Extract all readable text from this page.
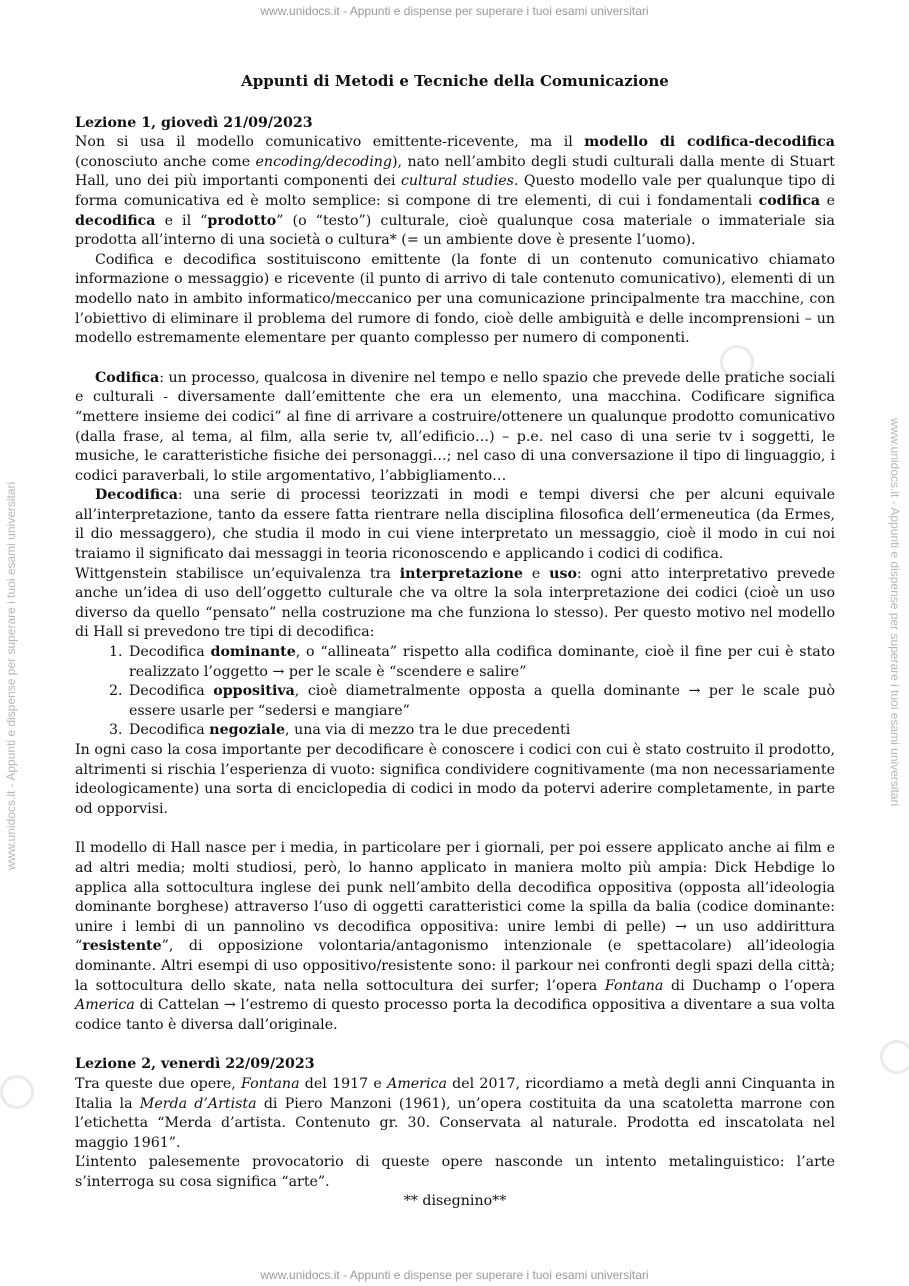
www.unidocs.it - Appunti e dispense per superare i tuoi esami universitari
www.unidocs.it - Appunti e dispense per superare i tuoi esami universitari	www.unidocs.it - Appunti e dispense per superare i tuoi esami universitari
Appunti di Metodi e Tecniche della Comunicazione

Lezione 1, giovedì 21/09/2023

Non si usa il modello comunicativo emittente-ricevente, ma il modello di codifica-decodifica (conosciuto anche come encoding/decoding), nato nell’ambito degli studi culturali dalla mente di Stuart Hall, uno dei più importanti componenti dei cultural studies. Questo modello vale per qualunque tipo di forma comunicativa ed è molto semplice: si compone di tre elementi, di cui i fondamentali codifica e decodifica e il “prodotto” (o “testo”) culturale, cioè qualunque cosa materiale o immateriale sia prodotta all’interno di una società o cultura* (= un ambiente dove è presente l’uomo).

Codifica e decodifica sostituiscono emittente (la fonte di un contenuto comunicativo chiamato informazione o messaggio) e ricevente (il punto di arrivo di tale contenuto comunicativo), elementi di un modello nato in ambito informatico/meccanico per una comunicazione principalmente tra macchine, con l’obiettivo di eliminare il problema del rumore di fondo, cioè delle ambiguità e delle incomprensioni – un modello estremamente elementare per quanto complesso per numero di componenti.

Codifica: un processo, qualcosa in divenire nel tempo e nello spazio che prevede delle pratiche sociali e culturali - diversamente dall’emittente che era un elemento, una macchina. Codificare significa “mettere insieme dei codici” al fine di arrivare a costruire/ottenere un qualunque prodotto comunicativo (dalla frase, al tema, al film, alla serie tv, all’edificio…) – p.e. nel caso di una serie tv i soggetti, le musiche, le caratteristiche fisiche dei personaggi…; nel caso di una conversazione il tipo di linguaggio, i codici paraverbali, lo stile argomentativo, l’abbigliamento…

Decodifica: una serie di processi teorizzati in modi e tempi diversi che per alcuni equivale all’interpretazione, tanto da essere fatta rientrare nella disciplina filosofica dell’ermeneutica (da Ermes, il dio messaggero), che studia il modo in cui viene interpretato un messaggio, cioè il modo in cui noi traiamo il significato dai messaggi in teoria riconoscendo e applicando i codici di codifica.

Wittgenstein stabilisce un’equivalenza tra interpretazione e uso: ogni atto interpretativo prevede anche un’idea di uso dell’oggetto culturale che va oltre la sola interpretazione dei codici (cioè un uso diverso da quello “pensato” nella costruzione ma che funziona lo stesso). Per questo motivo nel modello di Hall si prevedono tre tipi di decodifica:

1. Decodifica dominante, o “allineata” rispetto alla codifica dominante, cioè il fine per cui è stato realizzato l’oggetto → per le scale è “scendere e salire”
2. Decodifica oppositiva, cioè diametralmente opposta a quella dominante → per le scale può essere usarle per “sedersi e mangiare”
3. Decodifica negoziale, una via di mezzo tra le due precedenti

In ogni caso la cosa importante per decodificare è conoscere i codici con cui è stato costruito il prodotto, altrimenti si rischia l’esperienza di vuoto: significa condividere cognitivamente (ma non necessariamente ideologicamente) una sorta di enciclopedia di codici in modo da potervi aderire completamente, in parte od opporvisi.

Il modello di Hall nasce per i media, in particolare per i giornali, per poi essere applicato anche ai film e ad altri media; molti studiosi, però, lo hanno applicato in maniera molto più ampia: Dick Hebdige lo applica alla sottocultura inglese dei punk nell’ambito della decodifica oppositiva (opposta all’ideologia dominante borghese) attraverso l’uso di oggetti caratteristici come la spilla da balia (codice dominante: unire i lembi di un pannolino vs decodifica oppositiva: unire lembi di pelle) → un uso addirittura “resistente”, di opposizione volontaria/antagonismo intenzionale (e spettacolare) all’ideologia dominante. Altri esempi di uso oppositivo/resistente sono: il parkour nei confronti degli spazi della città; la sottocultura dello skate, nata nella sottocultura dei surfer; l’opera Fontana di Duchamp o l’opera America di Cattelan → l’estremo di questo processo porta la decodifica oppositiva a diventare a sua volta codice tanto è diversa dall’originale.

Lezione 2, venerdì 22/09/2023

Tra queste due opere, Fontana del 1917 e America del 2017, ricordiamo a metà degli anni Cinquanta in Italia la Merda d’Artista di Piero Manzoni (1961), un’opera costituita da una scatoletta marrone con l’etichetta “Merda d’artista. Contenuto gr. 30. Conservata al naturale. Prodotta ed inscatolata nel maggio 1961”.

L’intento palesemente provocatorio di queste opere nasconde un intento metalinguistico: l’arte s’interroga su cosa significa “arte”.

** disegnino**

www.unidocs.it - Appunti e dispense per superare i tuoi esami universitari
